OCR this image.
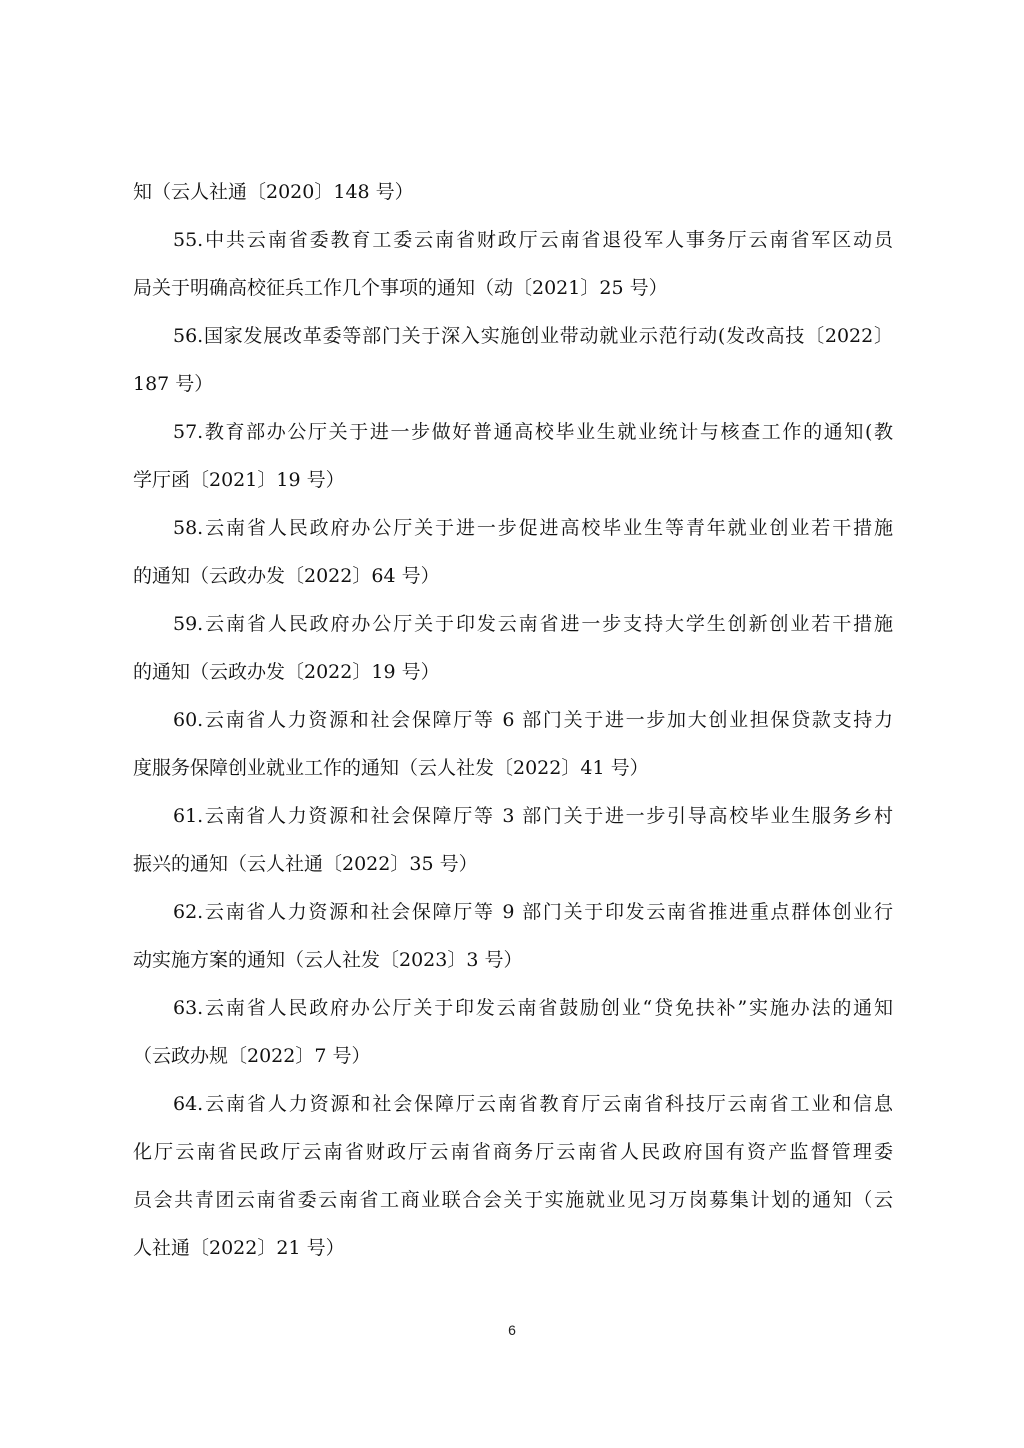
知（云人社通〔2020〕148 号）
55.中共云南省委教育工委云南省财政厅云南省退役军人事务厅云南省军区动员
局关于明确高校征兵工作几个事项的通知（动〔2021〕25 号）
56.国家发展改革委等部门关于深入实施创业带动就业示范行动(发改高技〔2022〕
187 号）
57.教育部办公厅关于进一步做好普通高校毕业生就业统计与核查工作的通知(教
学厅函〔2021〕19 号）
58.云南省人民政府办公厅关于进一步促进高校毕业生等青年就业创业若干措施
的通知（云政办发〔2022〕64 号）
59.云南省人民政府办公厅关于印发云南省进一步支持大学生创新创业若干措施
的通知（云政办发〔2022〕19 号）
60.云南省人力资源和社会保障厅等 6 部门关于进一步加大创业担保贷款支持力
度服务保障创业就业工作的通知（云人社发〔2022〕41 号）
61.云南省人力资源和社会保障厅等 3 部门关于进一步引导高校毕业生服务乡村
振兴的通知（云人社通〔2022〕35 号）
62.云南省人力资源和社会保障厅等 9 部门关于印发云南省推进重点群体创业行
动实施方案的通知（云人社发〔2023〕3 号）
63.云南省人民政府办公厅关于印发云南省鼓励创业“贷免扶补”实施办法的通知
（云政办规〔2022〕7 号）
64.云南省人力资源和社会保障厅云南省教育厅云南省科技厅云南省工业和信息
化厅云南省民政厅云南省财政厅云南省商务厅云南省人民政府国有资产监督管理委
员会共青团云南省委云南省工商业联合会关于实施就业见习万岗募集计划的通知（云
人社通〔2022〕21 号）
6
